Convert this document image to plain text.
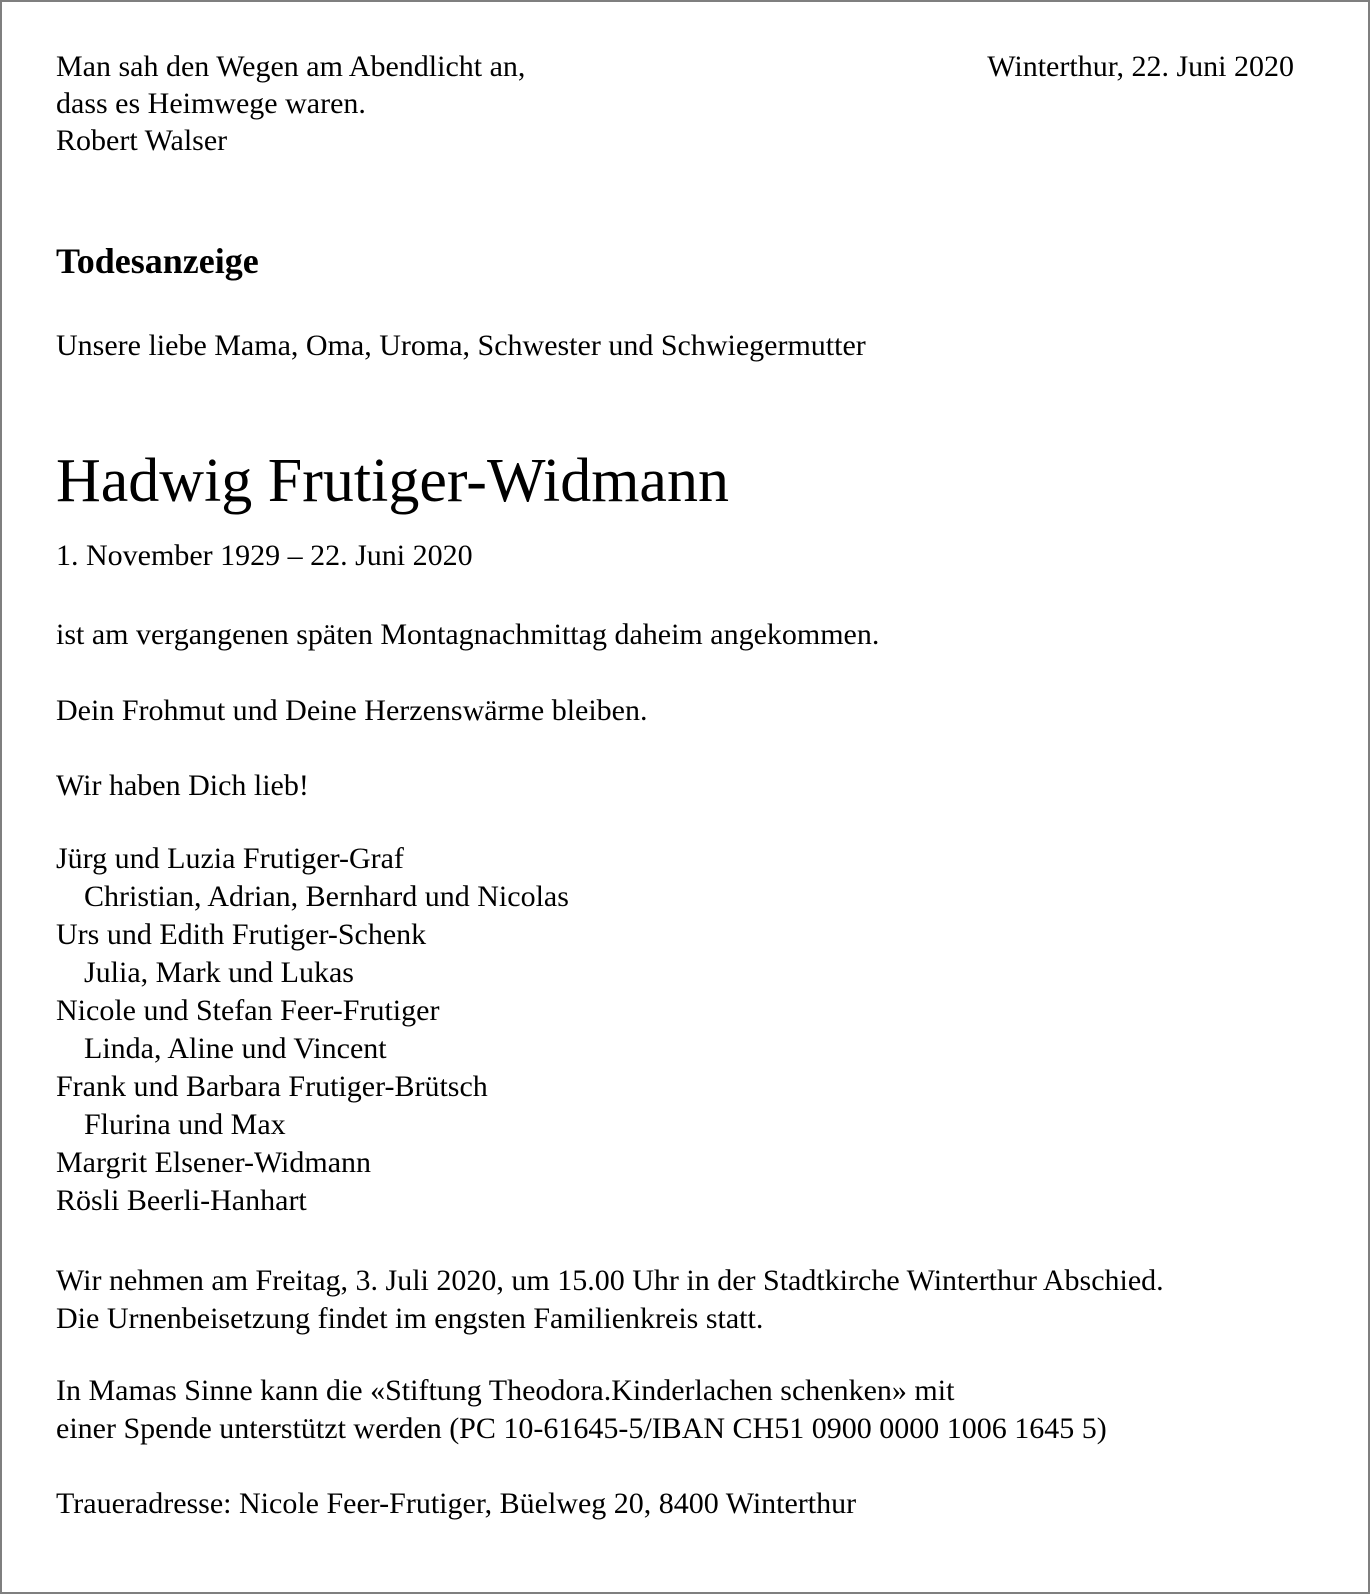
Man sah den Wegen am Abendlicht an,
dass es Heimwege waren.
Robert Walser
Winterthur, 22. Juni 2020
Todesanzeige

Unsere liebe Mama, Oma, Uroma, Schwester und Schwiegermutter

Hadwig Frutiger-Widmann

1. November 1929 – 22. Juni 2020

ist am vergangenen späten Montagnachmittag daheim angekommen.

Dein Frohmut und Deine Herzenswärme bleiben.

Wir haben Dich lieb!

Jürg und Luzia Frutiger-Graf
Christian, Adrian, Bernhard und Nicolas
Urs und Edith Frutiger-Schenk
Julia, Mark und Lukas
Nicole und Stefan Feer-Frutiger
Linda, Aline und Vincent
Frank und Barbara Frutiger-Brütsch
Flurina und Max
Margrit Elsener-Widmann
Rösli Beerli-Hanhart
Wir nehmen am Freitag, 3. Juli 2020, um 15.00 Uhr in der Stadtkirche Winterthur Abschied.
Die Urnenbeisetzung findet im engsten Familienkreis statt.
In Mamas Sinne kann die «Stiftung Theodora.Kinderlachen schenken» mit
einer Spende unterstützt werden (PC 10-61645-5/IBAN CH51 0900 0000 1006 1645 5)

Traueradresse: Nicole Feer-Frutiger, Büelweg 20, 8400 Winterthur
